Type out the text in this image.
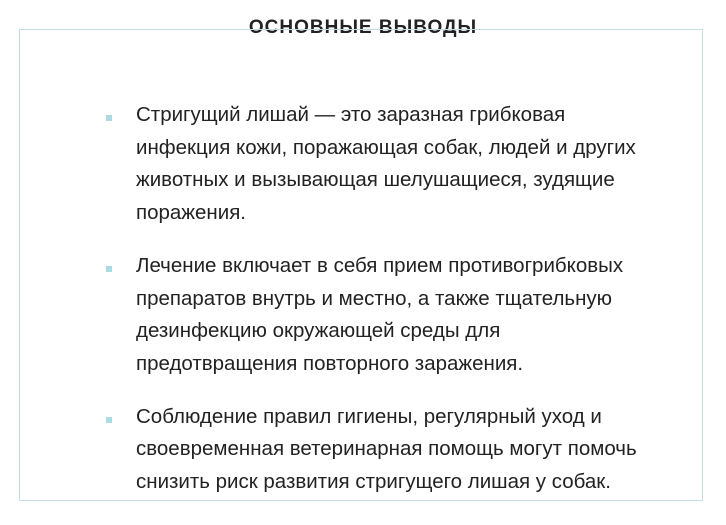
ОСНОВНЫЕ ВЫВОДЫ
Стригущий лишай — это заразная грибковая инфекция кожи, поражающая собак, людей и других животных и вызывающая шелушащиеся, зудящие поражения.
Лечение включает в себя прием противогрибковых препаратов внутрь и местно, а также тщательную дезинфекцию окружающей среды для предотвращения повторного заражения.
Соблюдение правил гигиены, регулярный уход и своевременная ветеринарная помощь могут помочь снизить риск развития стригущего лишая у собак.
